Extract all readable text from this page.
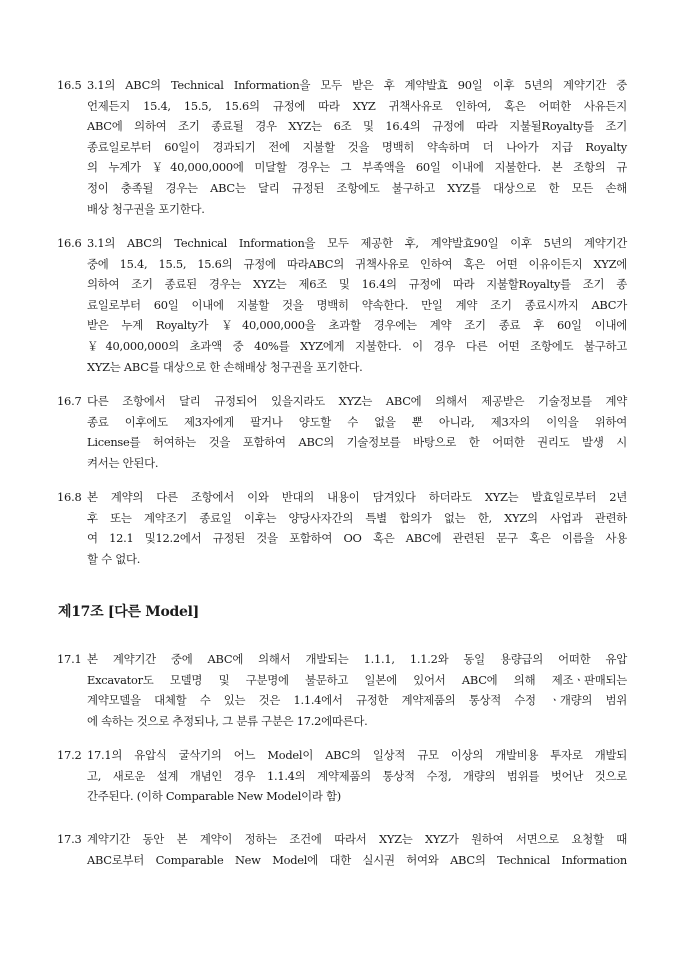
16.5 3.1의 ABC의 Technical Information을 모두 받은 후 계약발효 90일 이후 5년의 계약기간 중
언제든지 15.4, 15.5, 15.6의 규정에 따라 XYZ 귀책사유로 인하여, 혹은 어떠한 사유든지
ABC에 의하여 조기 종료될 경우 XYZ는 6조 및 16.4의 규정에 따라 지불될Royalty를 조기
종료일로부터 60일이 경과되기 전에 지불할 것을 명백히 약속하며 더 나아가 지급 Royalty
의 누계가 ￥40,000,000에 미달할 경우는 그 부족액을 60일 이내에 지불한다. 본 조항의 규
정이 충족될 경우는 ABC는 달리 규정된 조항에도 불구하고 XYZ를 대상으로 한 모든 손해
배상 청구권을 포기한다.
16.6 3.1의 ABC의 Technical Information을 모두 제공한 후, 계약발효90일 이후 5년의 계약기간
중에 15.4, 15.5, 15.6의 규정에 따라ABC의 귀책사유로 인하여 혹은 어떤 이유이든지 XYZ에
의하여 조기 종료된 경우는 XYZ는 제6조 및 16.4의 규정에 따라 지불할Royalty를 조기 종
료일로부터 60일 이내에 지불할 것을 명백히 약속한다. 만일 계약 조기 종료시까지 ABC가
받은 누계 Royalty가 ￥40,000,000을 초과할 경우에는 계약 조기 종료 후 60일 이내에
￥40,000,000의 초과액 중 40%를 XYZ에게 지불한다. 이 경우 다른 어떤 조항에도 불구하고
XYZ는 ABC를 대상으로 한 손해배상 청구권을 포기한다.
16.7 다른 조항에서 달리 규정되어 있을지라도 XYZ는 ABC에 의해서 제공받은 기술정보를 계약
종료 이후에도 제3자에게 팔거나 양도할 수 없을 뿐 아니라, 제3자의 이익을 위하여
License를 허여하는 것을 포함하여 ABC의 기술정보를 바탕으로 한 어떠한 권리도 발생 시
켜서는 안된다.
16.8 본 계약의 다른 조항에서 이와 반대의 내용이 담겨있다 하더라도 XYZ는 발효일로부터 2년
후 또는 계약조기 종료일 이후는 양당사자간의 특별 합의가 없는 한, XYZ의 사업과 관련하
여 12.1 및12.2에서 규정된 것을 포함하여 OO 혹은 ABC에 관련된 문구 혹은 이름을 사용
할 수 없다.
제17조 [다른 Model]
17.1 본 계약기간 중에 ABC에 의해서 개발되는 1.1.1, 1.1.2와 동일 용량급의 어떠한 유압
Excavator도 모델명 및 구분명에 불문하고 일본에 있어서 ABC에 의해 제조ㆍ판매되는
계약모델을 대체할 수 있는 것은 1.1.4에서 규정한 계약제품의 통상적 수정 ㆍ개량의 범위
에 속하는 것으로 추정되나, 그 분류 구분은 17.2에따른다.
17.2 17.1의 유압식 굴삭기의 어느 Model이 ABC의 일상적 규모 이상의 개발비용 투자로 개발되
고, 새로운 설계 개념인 경우 1.1.4의 계약제품의 통상적 수정, 개량의 범위를 벗어난 것으로
간주된다. (이하 Comparable New Model이라 함)
17.3 계약기간 동안 본 계약이 정하는 조건에 따라서 XYZ는 XYZ가 원하여 서면으로 요청할 때
ABC로부터 Comparable New Model에 대한 실시권 허여와 ABC의 Technical Information
